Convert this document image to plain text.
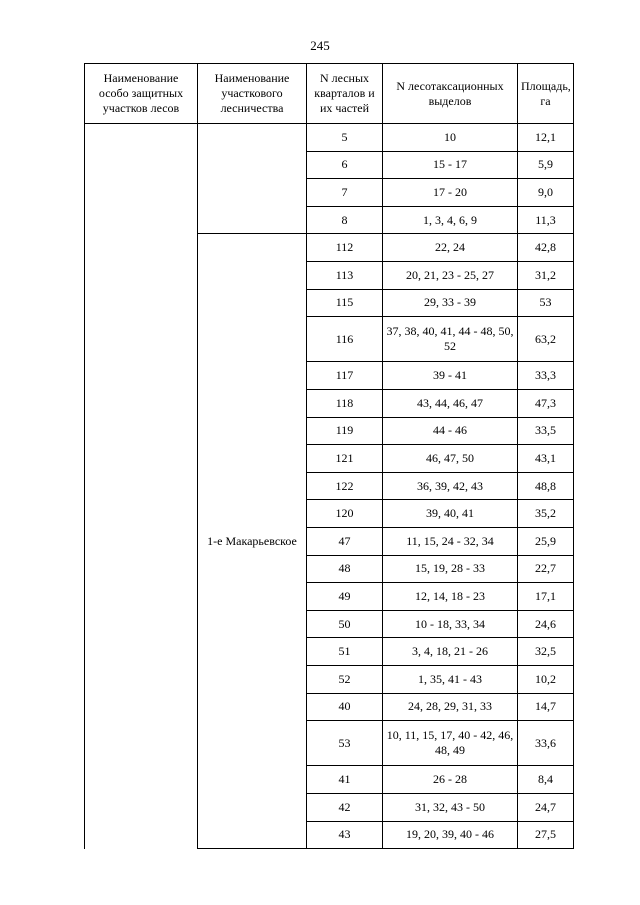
245
Наименование особо защитных участков лесов	Наименование участкового лесничества	N лесных кварталов и их частей	N лесотаксационных выделов	Площадь, га
		5	10	12,1
		6	15 - 17	5,9
		7	17 - 20	9,0
		8	1, 3, 4, 6, 9	11,3
	1-е Макарьевское	112	22, 24	42,8
		113	20, 21, 23 - 25, 27	31,2
		115	29, 33 - 39	53
		116	37, 38, 40, 41, 44 - 48, 50, 52	63,2
		117	39 - 41	33,3
		118	43, 44, 46, 47	47,3
		119	44 - 46	33,5
		121	46, 47, 50	43,1
		122	36, 39, 42, 43	48,8
		120	39, 40, 41	35,2
		47	11, 15, 24 - 32, 34	25,9
		48	15, 19, 28 - 33	22,7
		49	12, 14, 18 - 23	17,1
		50	10 - 18, 33, 34	24,6
		51	3, 4, 18, 21 - 26	32,5
		52	1, 35, 41 - 43	10,2
		40	24, 28, 29, 31, 33	14,7
		53	10, 11, 15, 17, 40 - 42, 46, 48, 49	33,6
		41	26 - 28	8,4
		42	31, 32, 43 - 50	24,7
		43	19, 20, 39, 40 - 46	27,5
